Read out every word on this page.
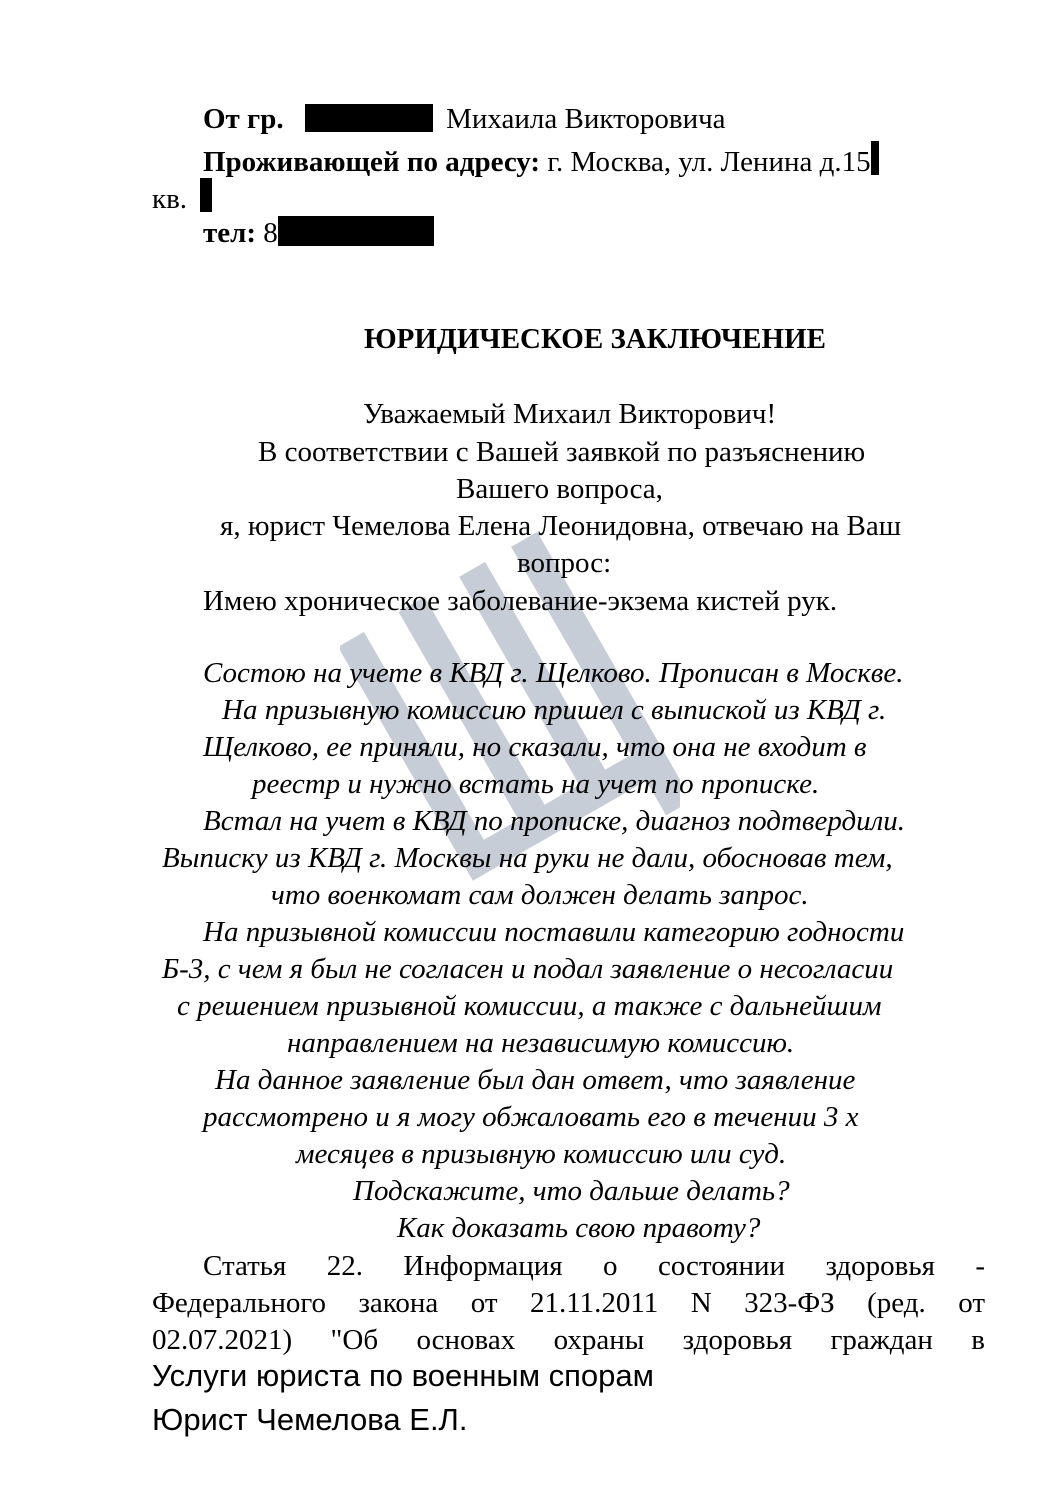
От гр.	Михаила Викторовича
Проживающей по адресу: г. Москва, ул. Ленина д.15
кв.
тел: 8
ЮРИДИЧЕСКОЕ ЗАКЛЮЧЕНИЕ
Уважаемый Михаил Викторович!
В соответствии с Вашей заявкой по разъяснению
Вашего вопроса,
я, юрист Чемелова Елена Леонидовна, отвечаю на Ваш
вопрос:
Имею хроническое заболевание-экзема кистей рук.
Состою на учете в КВД г. Щелково. Прописан в Москве.
На призывную комиссию пришел с выпиской из КВД г.
Щелково, ее приняли, но сказали, что она не входит в
реестр и нужно встать на учет по прописке.
Встал на учет в КВД по прописке, диагноз подтвердили.
Выписку из КВД г. Москвы на руки не дали, обосновав тем,
что военкомат сам должен делать запрос.
На призывной комиссии поставили категорию годности
Б-3, с чем я был не согласен и подал заявление о несогласии
с решением призывной комиссии, а также с дальнейшим
направлением на независимую комиссию.
На данное заявление был дан ответ, что заявление
рассмотрено и я могу обжаловать его в течении 3 х
месяцев в призывную комиссию или суд.
Подскажите, что дальше делать?
Как доказать свою правоту?
Статья 22. Информация о состоянии здоровья -
Федерального закона от 21.11.2011 N 323-ФЗ (ред. от
02.07.2021) "Об основах охраны здоровья граждан в
Услуги юриста по военным спорам
Юрист Чемелова Е.Л.
